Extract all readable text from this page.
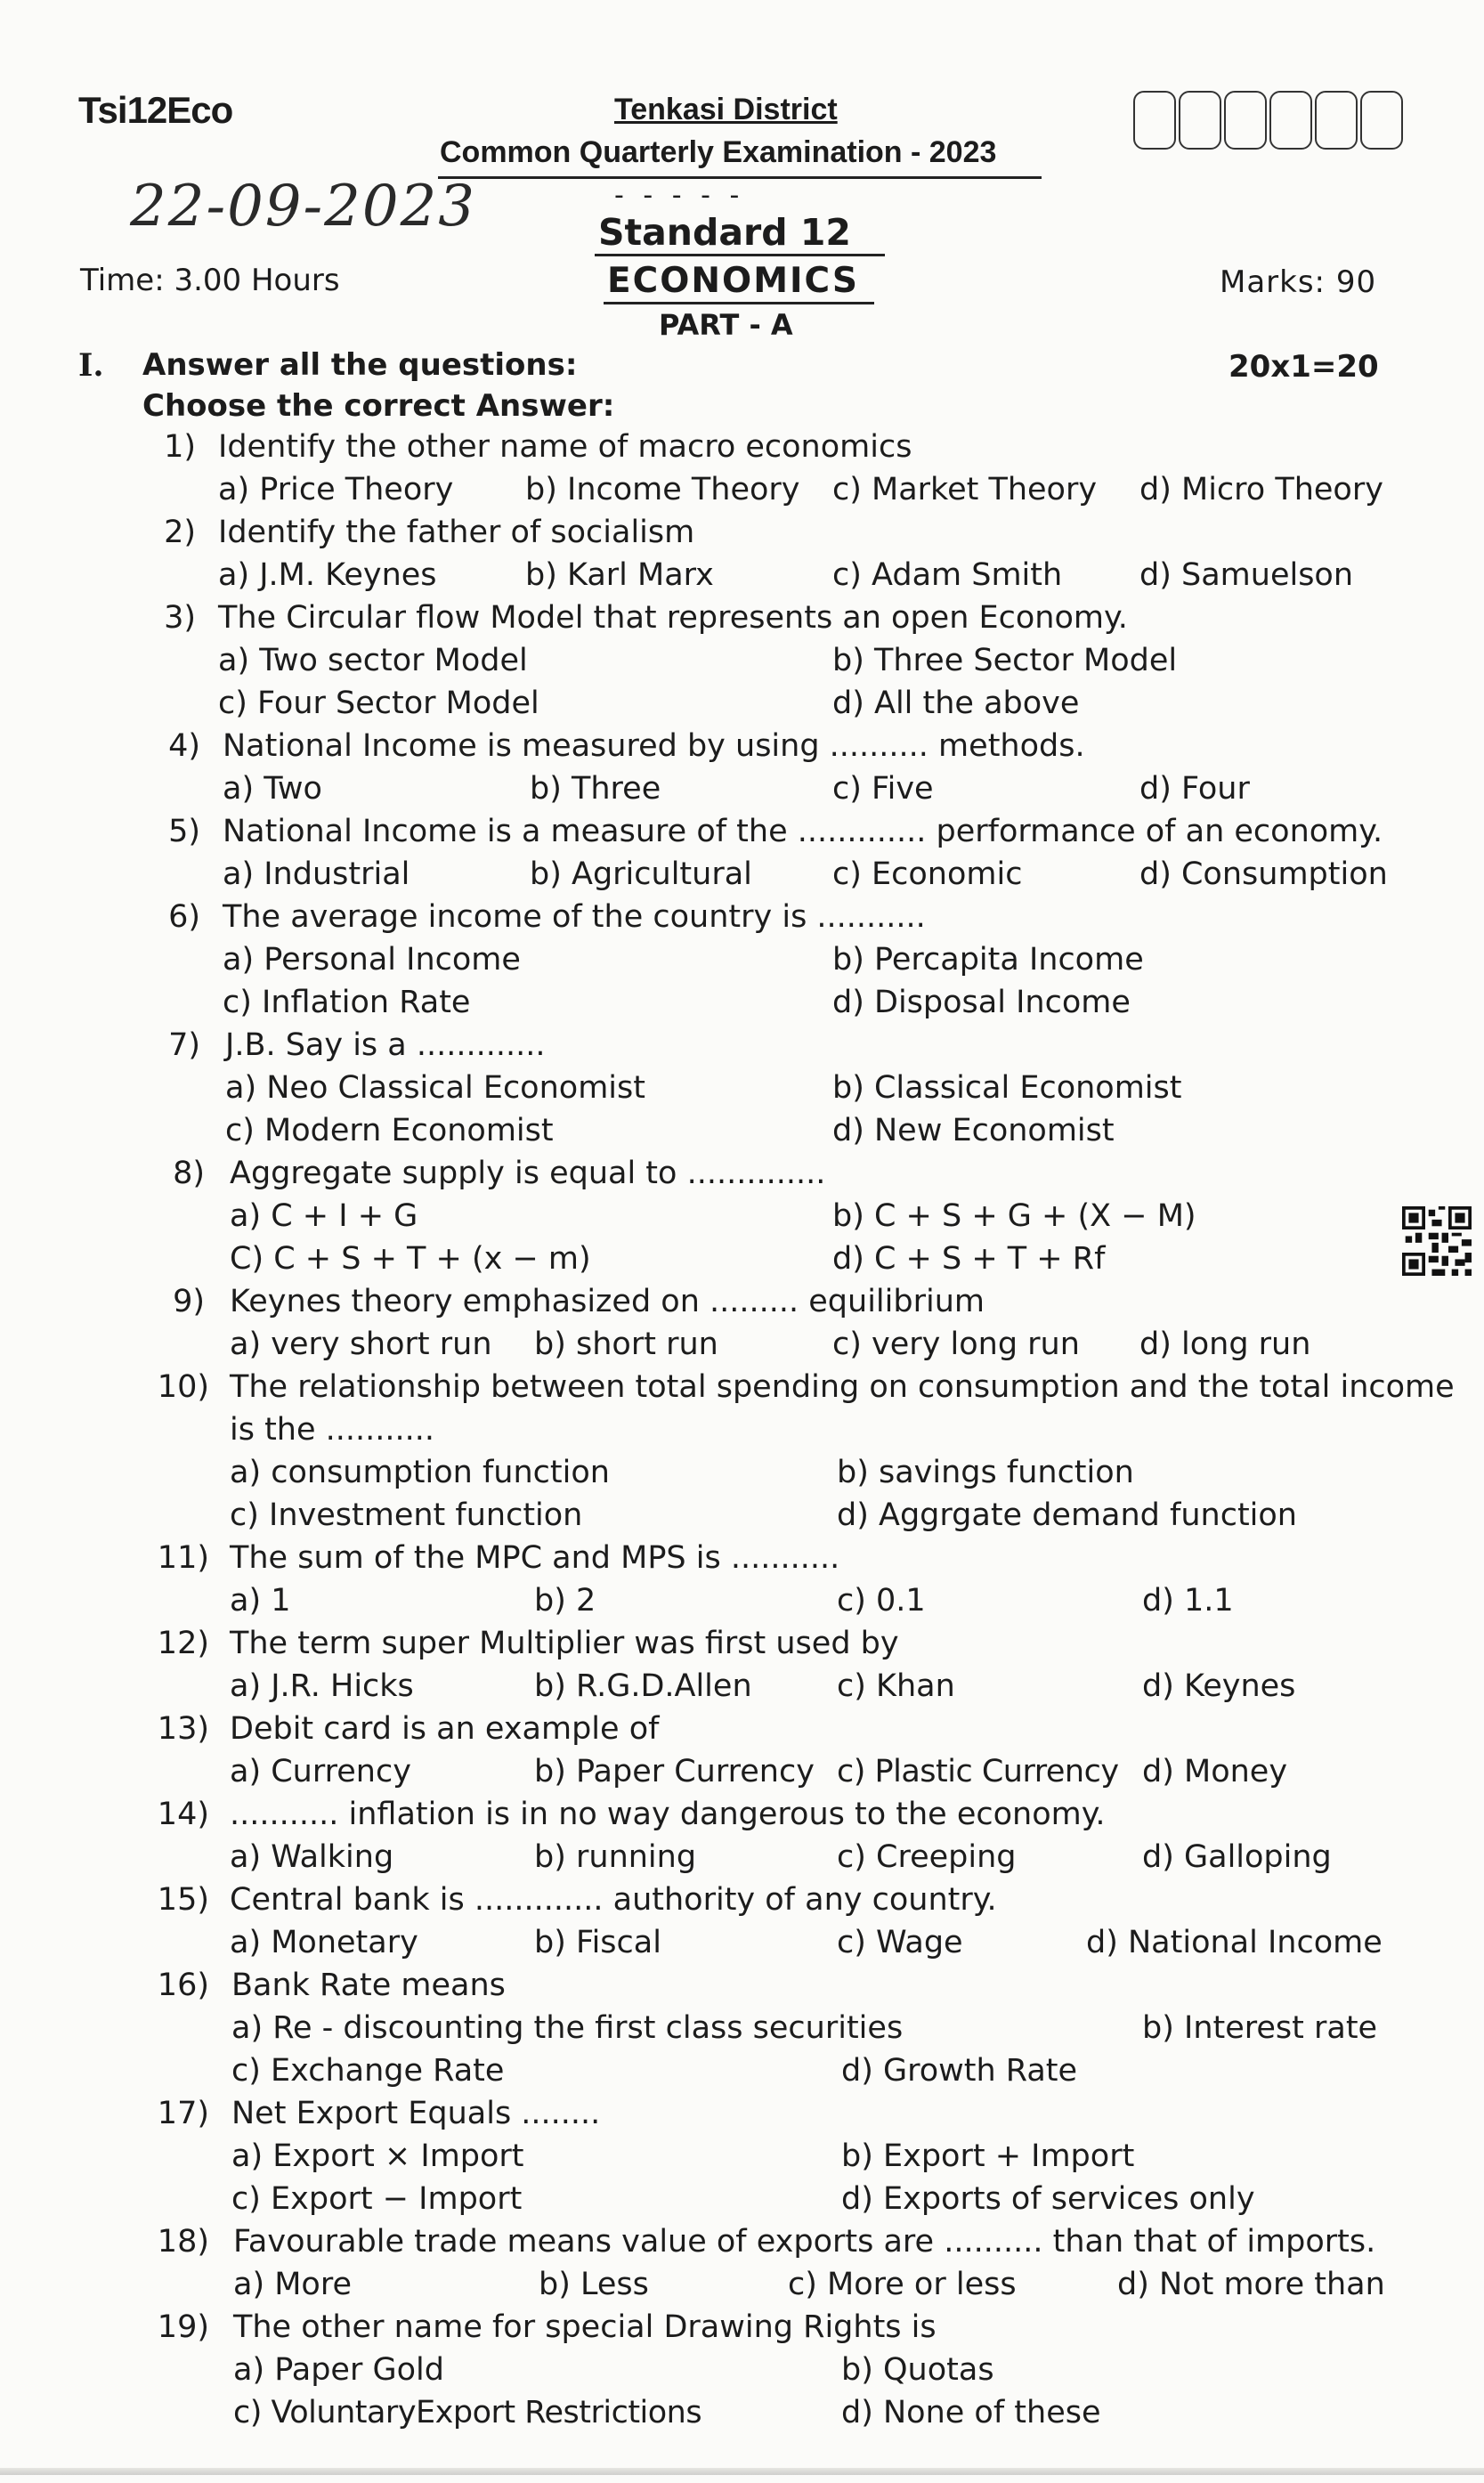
Tsi12Eco	Tenkasi District
Common Quarterly Examination - 2023
22-09-2023	- - - - -
Standard 12
Time: 3.00 Hours	ECONOMICS	Marks: 90
PART - A
I. Answer all the questions:	20x1=20
Choose the correct Answer:
1) Identify the other name of macro economics
a) Price Theory b) Income Theory c) Market Theory d) Micro Theory
2) Identify the father of socialism
a) J.M. Keynes	b) Karl Marx	c) Adam Smith d) Samuelson
3) The Circular flow Model that represents an open Economy.
a) Two sector Model	b) Three Sector Model
c) Four Sector Model	d) All the above
4) National Income is measured by using .......... methods.
a) Two	b) Three	c) Five	d) Four
5) National Income is a measure of the ............. performance of an economy.
a) Industrial	b) Agricultural	c) Economic	d) Consumption
6) The average income of the country is ...........
a) Personal Income	b) Percapita Income
c) Inflation Rate	d) Disposal Income
7) J.B. Say is a .............
a) Neo Classical Economist	b) Classical Economist
c) Modern Economist	d) New Economist
8) Aggregate supply is equal to ..............
a) C + I + G	b) C + S + G + (X − M)
C) C + S + T + (x − m)	d) C + S + T + Rf
9) Keynes theory emphasized on ......... equilibrium
a) very short run b) short run	c) very long run d) long run
10) The relationship between total spending on consumption and the total income
is the ...........
a) consumption function	b) savings function
c) Investment function	d) Aggrgate demand function
11) The sum of the MPC and MPS is ...........
a) 1	b) 2	c) 0.1	d) 1.1
12) The term super Multiplier was first used by
a) J.R. Hicks	b) R.G.D.Allen	c) Khan	d) Keynes
13) Debit card is an example of
a) Currency	b) Paper Currency c) Plastic Currency d) Money
14) ........... inflation is in no way dangerous to the economy.
a) Walking	b) running	c) Creeping	d) Galloping
15) Central bank is ............. authority of any country.
a) Monetary	b) Fiscal	c) Wage	d) National Income
16) Bank Rate means
a) Re - discounting the first class securities	b) Interest rate
c) Exchange Rate	d) Growth Rate
17) Net Export Equals ........
a) Export × Import	b) Export + Import
c) Export − Import	d) Exports of services only
18) Favourable trade means value of exports are .......... than that of imports.
a) More	b) Less	c) More or less	d) Not more than
19) The other name for special Drawing Rights is
a) Paper Gold	b) Quotas
c) VoluntaryExport Restrictions	d) None of these
